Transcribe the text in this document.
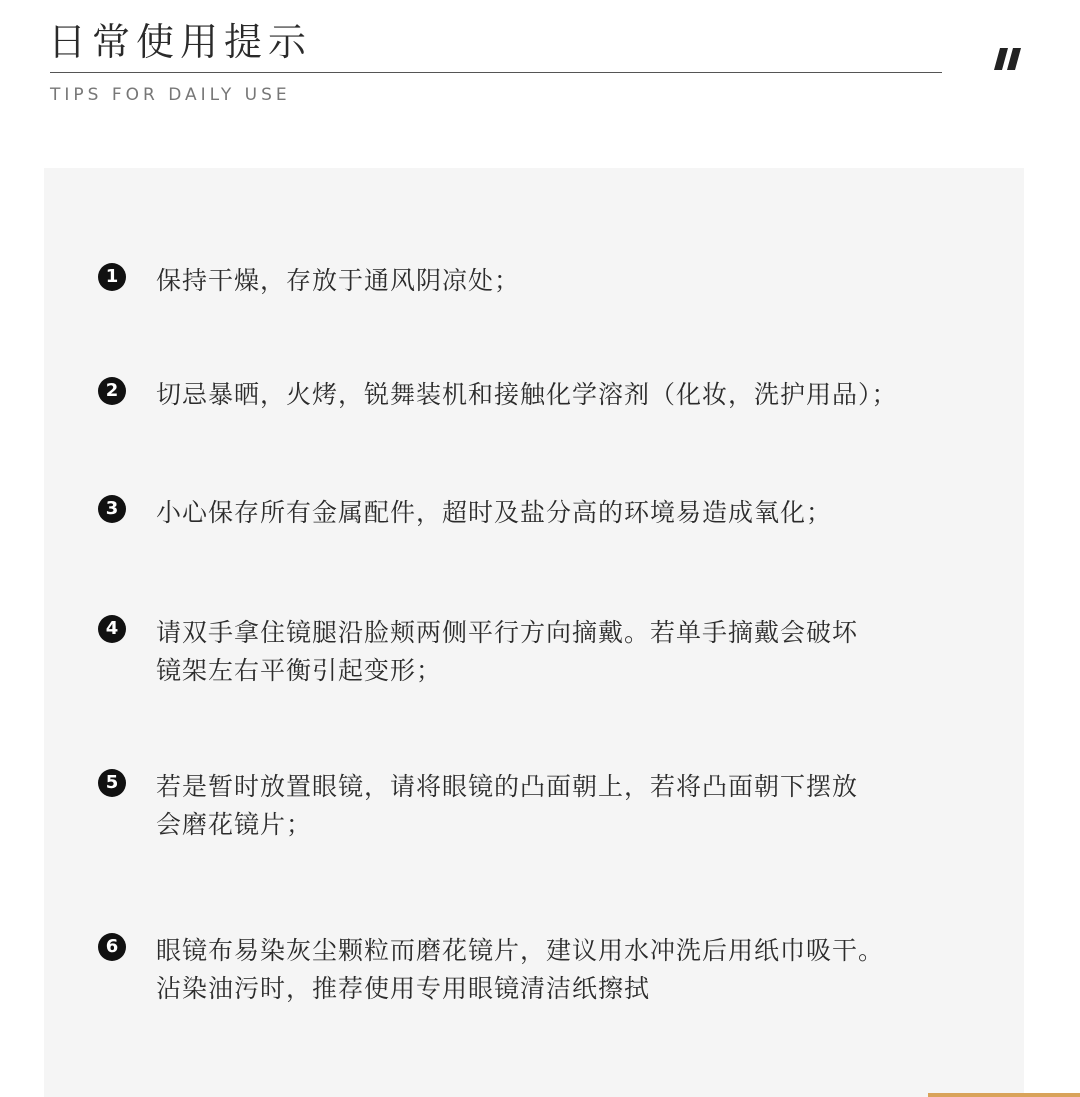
日常使用提示
TIPS FOR DAILY USE
1	保持干燥，存放于通风阴凉处；
2	切忌暴晒，火烤，锐舞装机和接触化学溶剂（化妆，洗护用品）；
3	小心保存所有金属配件，超时及盐分高的环境易造成氧化；
4	请双手拿住镜腿沿脸颊两侧平行方向摘戴。若单手摘戴会破坏
镜架左右平衡引起变形；
5	若是暂时放置眼镜，请将眼镜的凸面朝上，若将凸面朝下摆放
会磨花镜片；
6	眼镜布易染灰尘颗粒而磨花镜片，建议用水冲洗后用纸巾吸干。
沾染油污时，推荐使用专用眼镜清洁纸擦拭
